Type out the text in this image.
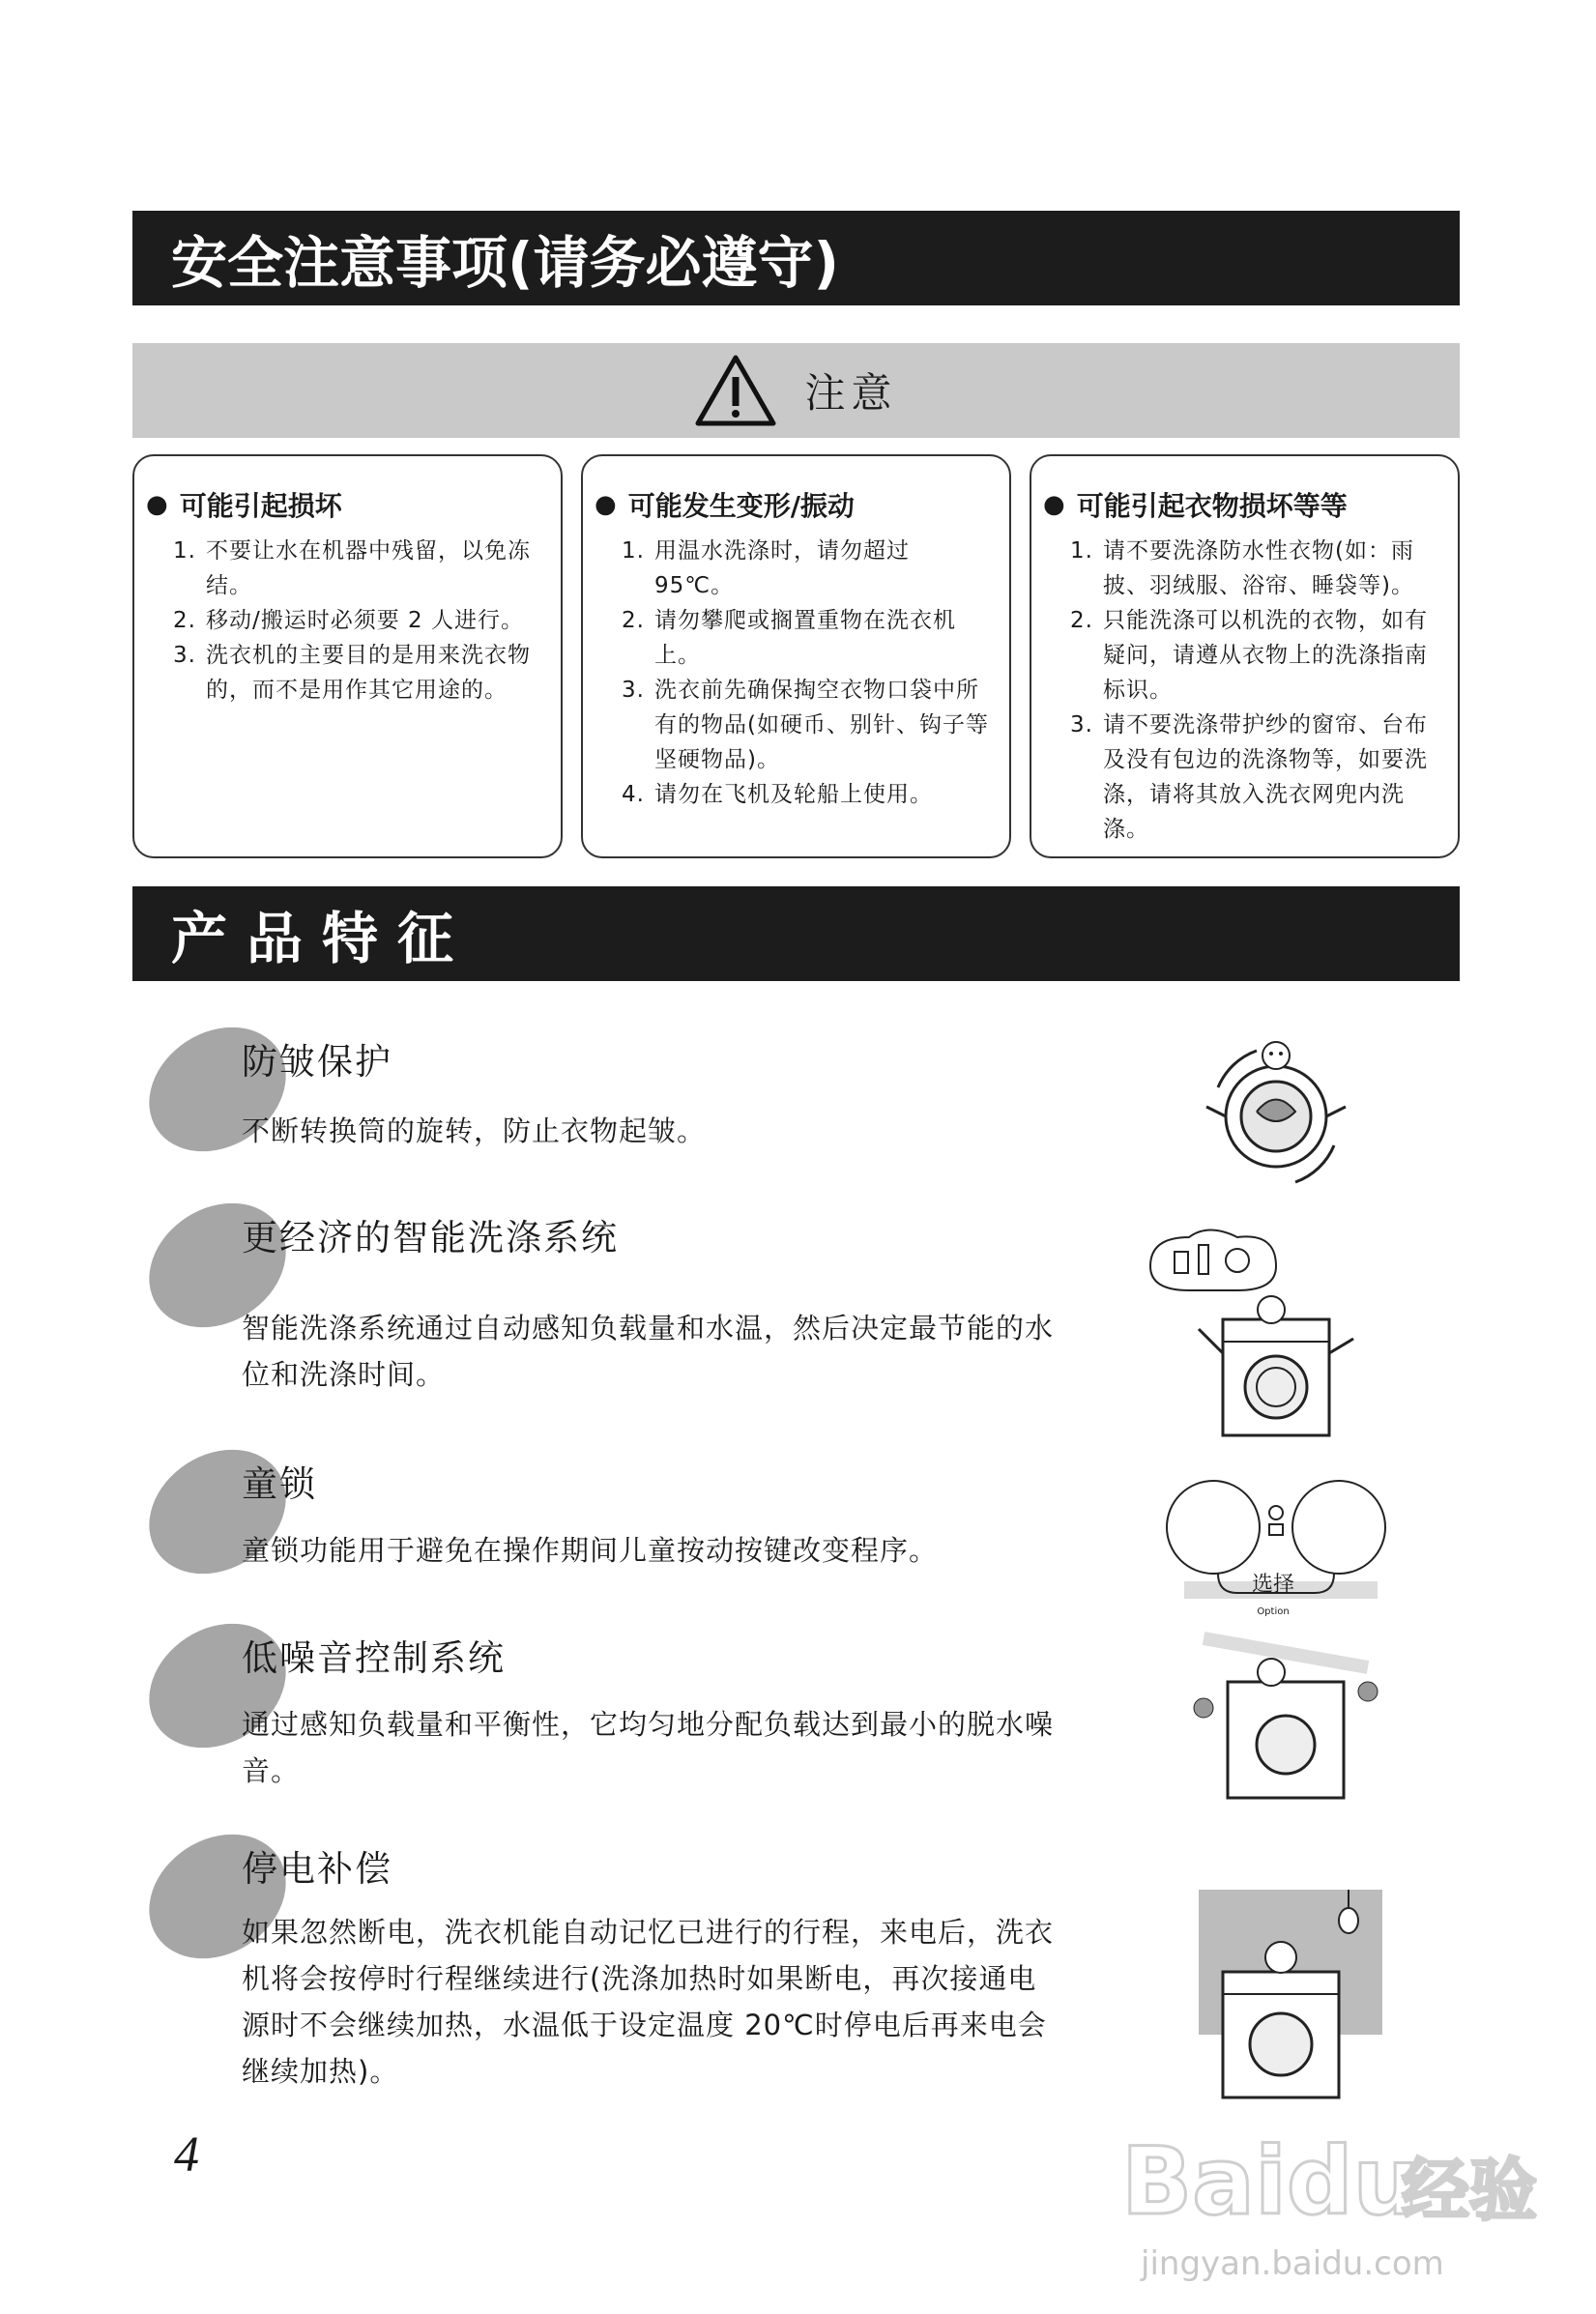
安全注意事项(请务必遵守)
注意
● 可能引起损坏
1. 不要让水在机器中残留，以免冻结。
2. 移动/搬运时必须要 2 人进行。
3. 洗衣机的主要目的是用来洗衣物的，而不是用作其它用途的。
● 可能发生变形/振动
1. 用温水洗涤时，请勿超过 95℃。
2. 请勿攀爬或搁置重物在洗衣机上。
3. 洗衣前先确保掏空衣物口袋中所有的物品(如硬币、别针、钩子等坚硬物品)。
4. 请勿在飞机及轮船上使用。
● 可能引起衣物损坏等等
1. 请不要洗涤防水性衣物(如：雨披、羽绒服、浴帘、睡袋等)。
2. 只能洗涤可以机洗的衣物，如有疑问，请遵从衣物上的洗涤指南标识。
3. 请不要洗涤带护纱的窗帘、台布及没有包边的洗涤物等，如要洗涤，请将其放入洗衣网兜内洗涤。
产品特征
防皱保护
不断转换筒的旋转，防止衣物起皱。
更经济的智能洗涤系统
智能洗涤系统通过自动感知负载量和水温，然后决定最节能的水位和洗涤时间。
童锁
童锁功能用于避免在操作期间儿童按动按键改变程序。
低噪音控制系统
通过感知负载量和平衡性，它均匀地分配负载达到最小的脱水噪音。
停电补偿
如果忽然断电，洗衣机能自动记忆已进行的行程，来电后，洗衣机将会按停时行程继续进行(洗涤加热时如果断电，再次接通电源时不会继续加热，水温低于设定温度 20℃时停电后再来电会继续加热)。
选择
Option
4	Baidu
经验
jingyan.baidu.com
